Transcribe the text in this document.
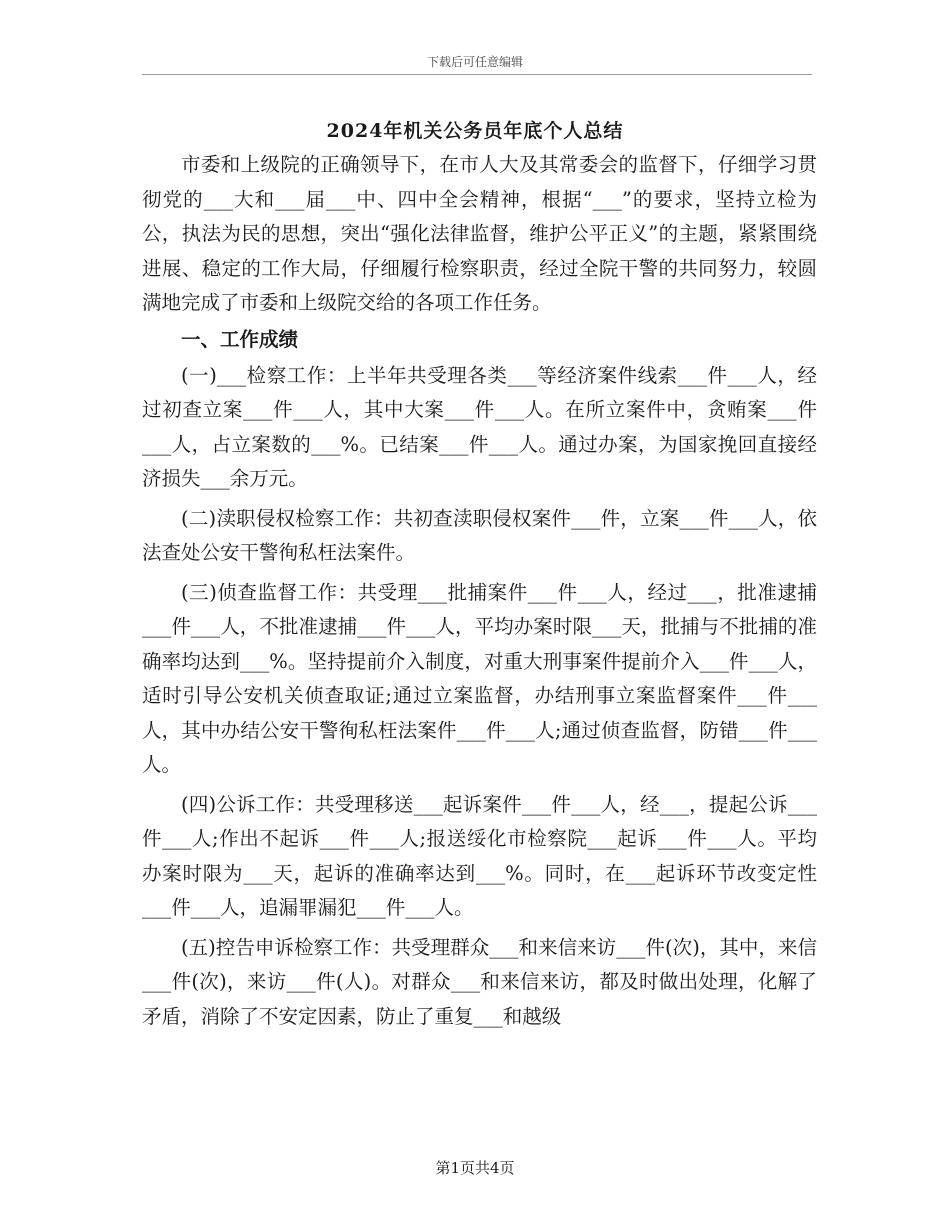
下载后可任意编辑
2024年机关公务员年底个人总结

市委和上级院的正确领导下，在市人大及其常委会的监督下，仔细学习贯彻党的___大和___届___中、四中全会精神，根据“___”的要求，坚持立检为公，执法为民的思想，突出“强化法律监督，维护公平正义”的主题，紧紧围绕进展、稳定的工作大局，仔细履行检察职责，经过全院干警的共同努力，较圆满地完成了市委和上级院交给的各项工作任务。

一、工作成绩

(一)___检察工作：上半年共受理各类___等经济案件线索___件___人，经过初查立案___件___人，其中大案___件___人。在所立案件中，贪贿案___件___人，占立案数的___%。已结案___件___人。通过办案，为国家挽回直接经济损失___余万元。

(二)渎职侵权检察工作：共初查渎职侵权案件___件，立案___件___人，依法查处公安干警徇私枉法案件。

(三)侦查监督工作：共受理___批捕案件___件___人，经过___，批准逮捕___件___人，不批准逮捕___件___人，平均办案时限___天，批捕与不批捕的准确率均达到___%。坚持提前介入制度，对重大刑事案件提前介入___件___人，适时引导公安机关侦查取证;通过立案监督，办结刑事立案监督案件___件___人，其中办结公安干警徇私枉法案件___件___人;通过侦查监督，防错___件___人。

(四)公诉工作：共受理移送___起诉案件___件___人，经___，提起公诉___件___人;作出不起诉___件___人;报送绥化市检察院___起诉___件___人。平均办案时限为___天，起诉的准确率达到___%。同时，在___起诉环节改变定性___件___人，追漏罪漏犯___件___人。

(五)控告申诉检察工作：共受理群众___和来信来访___件(次)，其中，来信___件(次)，来访___件(人)。对群众___和来信来访，都及时做出处理，化解了矛盾，消除了不安定因素，防止了重复___和越级

第1页共4页
